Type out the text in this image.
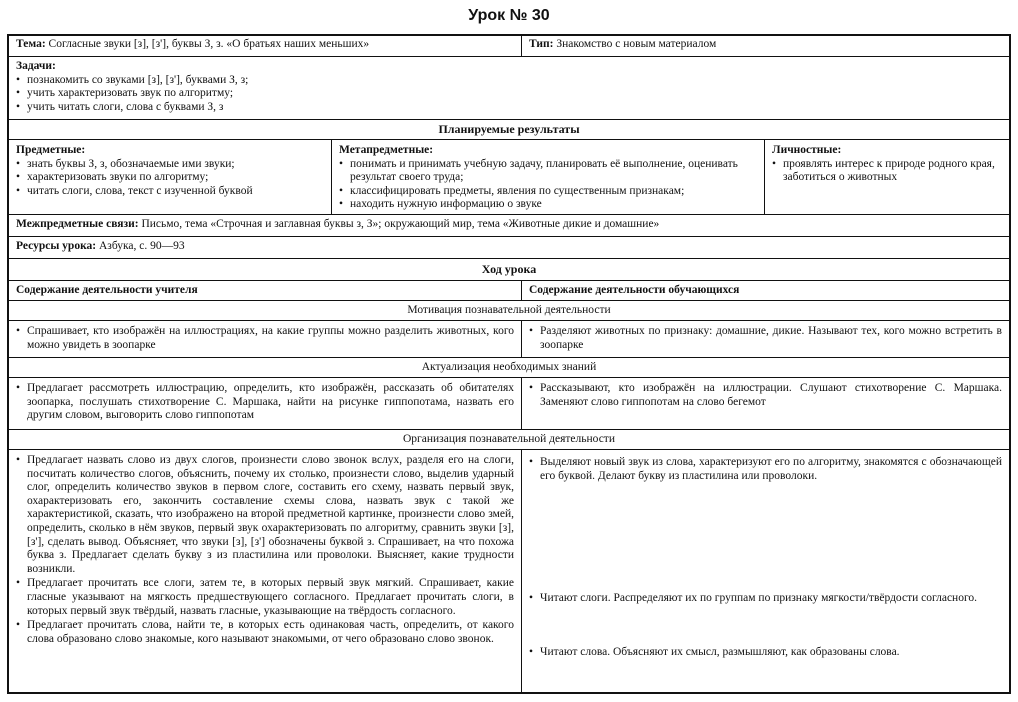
Урок № 30
Тема: Согласные звуки [з], [з'], буквы З, з. «О братьях наших меньших»	Тип: Знакомство с новым материалом
Задачи:
• познакомить со звуками [з], [з'], буквами З, з;
• учить характеризовать звук по алгоритму;
• учить читать слоги, слова с буквами З, з
Планируемые результаты
Предметные:
• знать буквы З, з, обозначаемые ими звуки;
• характеризовать звуки по алгоритму;
• читать слоги, слова, текст с изученной буквой
Метапредметные:
• понимать и принимать учебную задачу, планировать её выполнение, оценивать результат своего труда;
• классифицировать предметы, явления по существенным признакам;
• находить нужную информацию о звуке
Личностные:
• проявлять интерес к природе родного края, заботиться о животных
Межпредметные связи: Письмо, тема «Строчная и заглавная буквы з, З»; окружающий мир, тема «Животные дикие и домашние»
Ресурсы урока: Азбука, с. 90—93
Ход урока
Содержание деятельности учителя	Содержание деятельности обучающихся
Мотивация познавательной деятельности
• Спрашивает, кто изображён на иллюстрациях, на какие группы можно разделить животных, кого можно увидеть в зоопарке
• Разделяют животных по признаку: домашние, дикие. Называют тех, кого можно встретить в зоопарке
Актуализация необходимых знаний
• Предлагает рассмотреть иллюстрацию, определить, кто изображён, рассказать об обитателях зоопарка, послушать стихотворение С. Маршака, найти на рисунке гиппопотама, назвать его другим словом, выговорить слово гиппопотам
• Рассказывают, кто изображён на иллюстрации. Слушают стихотворение С. Маршака. Заменяют слово гиппопотам на слово бегемот
Организация познавательной деятельности
• Предлагает назвать слово из двух слогов, произнести слово звонок вслух, разделя его на слоги, посчитать количество слогов, объяснить, почему их столько, произнести слово, выделив ударный слог, определить количество звуков в первом слоге, составить его схему, назвать первый звук, охарактеризовать его, закончить составление схемы слова, назвать звук с такой же характеристикой, сказать, что изображено на второй предметной картинке, произнести слово змей, определить, сколько в нём звуков, первый звук охарактеризовать по алгоритму, сравнить звуки [з], [з'], сделать вывод. Объясняет, что звуки [з], [з'] обозначены буквой з. Спрашивает, на что похожа буква з. Предлагает сделать букву з из пластилина или проволоки. Выясняет, какие трудности возникли.
• Предлагает прочитать все слоги, затем те, в которых первый звук мягкий. Спрашивает, какие гласные указывают на мягкость предшествующего согласного. Предлагает прочитать слоги, в которых первый звук твёрдый, назвать гласные, указывающие на твёрдость согласного.
• Предлагает прочитать слова, найти те, в которых есть одинаковая часть, определить, от какого слова образовано слово знакомые, кого называют знакомыми, от чего образовано слово звонок.
• Выделяют новый звук из слова, характеризуют его по алгоритму, знакомятся с обозначающей его буквой. Делают букву из пластилина или проволоки.
• Читают слоги. Распределяют их по группам по признаку мягкости/твёрдости согласного.
• Читают слова. Объясняют их смысл, размышляют, как образованы слова.
